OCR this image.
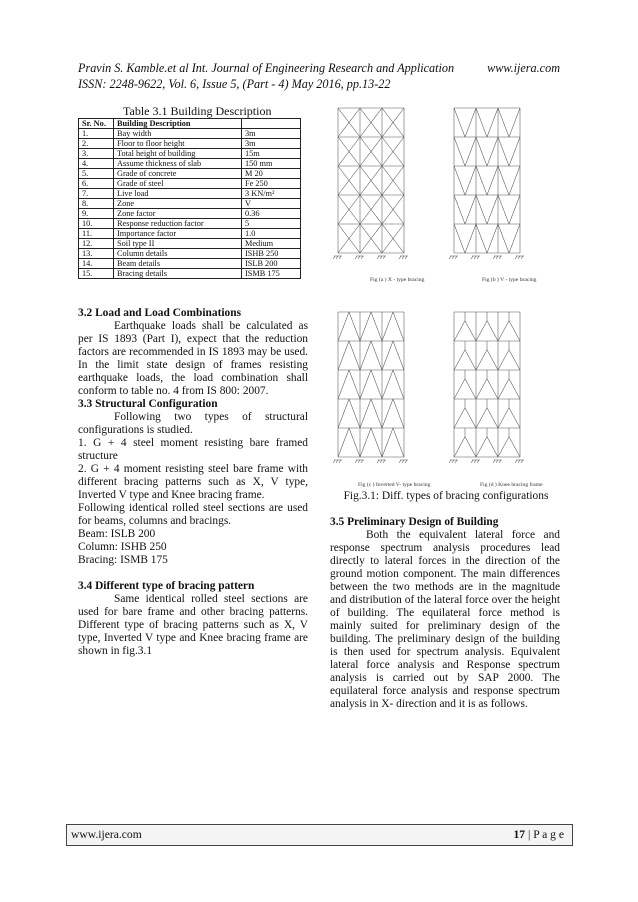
Pravin S. Kamble.et al Int. Journal of Engineering Research and Application	www.ijera.com
ISSN: 2248-9622, Vol. 6, Issue 5, (Part - 4) May 2016, pp.13-22
Table 3.1 Building Description
Sr. No.	Building Description	
1.	Bay width	3m
2.	Floor to floor height	3m
3.	Total height of building	15m
4.	Assume thickness of slab	150 mm
5.	Grade of concrete	M 20
6.	Grade of steel	Fe 250
7.	Live load	3 KN/m²
8.	Zone	V
9.	Zone factor	0.36
10.	Response reduction factor	5
11.	Importance factor	1.0
12.	Soil type II	Medium
13.	Column details	ISHB 250
14.	Beam details	ISLB 200
15.	Bracing details	ISMB 175

3.2 Load and Load Combinations

Earthquake loads shall be calculated as per IS 1893 (Part I), expect that the reduction factors are recommended in IS 1893 may be used. In the limit state design of frames resisting earthquake loads, the load combination shall conform to table no. 4 from IS 800: 2007.

3.3 Structural Configuration

Following two types of structural configurations is studied.

1. G + 4 steel moment resisting bare framed structure

2. G + 4 moment resisting steel bare frame with different bracing patterns such as X, V type, Inverted V type and Knee bracing frame.

Following identical rolled steel sections are used for beams, columns and bracings.

Beam: ISLB 200

Column: ISHB 250

Bracing: ISMB 175

3.4 Different type of bracing pattern

Same identical rolled steel sections are used for bare frame and other bracing patterns. Different type of bracing patterns such as X, V type, Inverted V type and Knee bracing frame are shown in fig.3.1

Fig (a ) X - type bracing	Fig (b ) V - type bracing
Fig (c ) Inverted V- type bracing	Fig (d ) Knee bracing frame
Fig.3.1: Diff. types of bracing configurations

3.5 Preliminary Design of Building

Both the equivalent lateral force and response spectrum analysis procedures lead directly to lateral forces in the direction of the ground motion component. The main differences between the two methods are in the magnitude and distribution of the lateral force over the height of building. The equilateral force method is mainly suited for preliminary design of the building. The preliminary design of the building is then used for spectrum analysis. Equivalent lateral force analysis and Response spectrum analysis is carried out by SAP 2000. The equilateral force analysis and response spectrum analysis in X- direction and it is as follows.

www.ijera.com	17 | P a g e
